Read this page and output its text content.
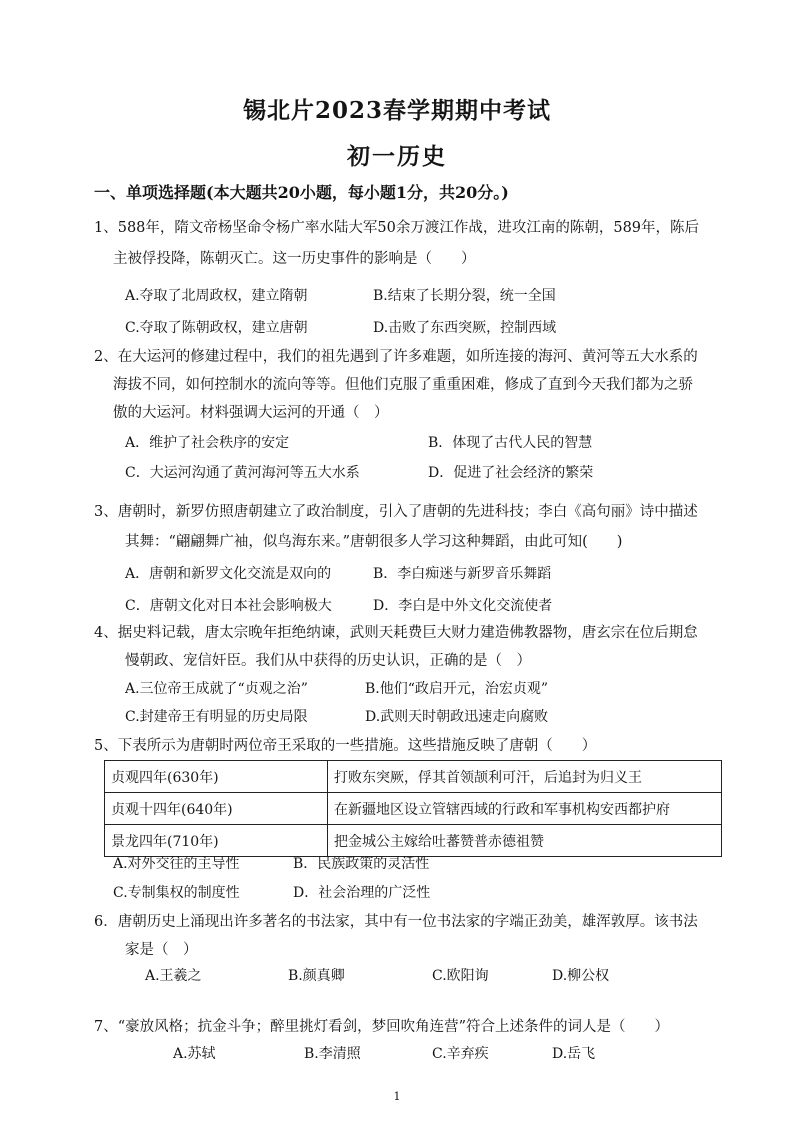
锡北片2023春学期期中考试
初一历史
一、单项选择题(本大题共20小题，每小题1分，共20分。)
1、588年，隋文帝杨坚命令杨广率水陆大军50余万渡江作战，进攻江南的陈朝，589年，陈后
主被俘投降，陈朝灭亡。这一历史事件的影响是（　　）
A.夺取了北周政权，建立隋朝	B.结束了长期分裂，统一全国
C.夺取了陈朝政权，建立唐朝	D.击败了东西突厥，控制西域
2、在大运河的修建过程中，我们的祖先遇到了许多难题，如所连接的海河、黄河等五大水系的
海拔不同，如何控制水的流向等等。但他们克服了重重困难，修成了直到今天我们都为之骄
傲的大运河。材料强调大运河的开通（　）
A．维护了社会秩序的安定	B．体现了古代人民的智慧
C．大运河沟通了黄河海河等五大水系	D．促进了社会经济的繁荣
3、唐朝时，新罗仿照唐朝建立了政治制度，引入了唐朝的先进科技；李白《高句丽》诗中描述
其舞：“翩翩舞广袖，似鸟海东来。”唐朝很多人学习这种舞蹈，由此可知(　　)
A．唐朝和新罗文化交流是双向的	B．李白痴迷与新罗音乐舞蹈
C．唐朝文化对日本社会影响极大	D．李白是中外文化交流使者
4、据史料记载，唐太宗晚年拒绝纳谏，武则天耗费巨大财力建造佛教器物，唐玄宗在位后期怠
慢朝政、宠信奸臣。我们从中获得的历史认识，正确的是（　）
A.三位帝王成就了“贞观之治”	B.他们“政启开元，治宏贞观”
C.封建帝王有明显的历史局限	D.武则天时朝政迅速走向腐败
5、下表所示为唐朝时两位帝王采取的一些措施。这些措施反映了唐朝（　　）
贞观四年(630年)	打败东突厥，俘其首领颉利可汗，后追封为归义王
贞观十四年(640年)	在新疆地区设立管辖西域的行政和军事机构安西都护府
景龙四年(710年)	把金城公主嫁给吐蕃赞普赤德祖赞
A.对外交往的主导性	B．民族政策的灵活性
C.专制集权的制度性	D．社会治理的广泛性
6．唐朝历史上涌现出许多著名的书法家，其中有一位书法家的字端正劲美，雄浑敦厚。该书法
家是（　）
A.王羲之	B.颜真卿	C.欧阳询	D.柳公权
7、“豪放风格；抗金斗争；醉里挑灯看剑，梦回吹角连营”符合上述条件的词人是（　　）
A.苏轼	B.李清照	C.辛弃疾	D.岳飞
1
